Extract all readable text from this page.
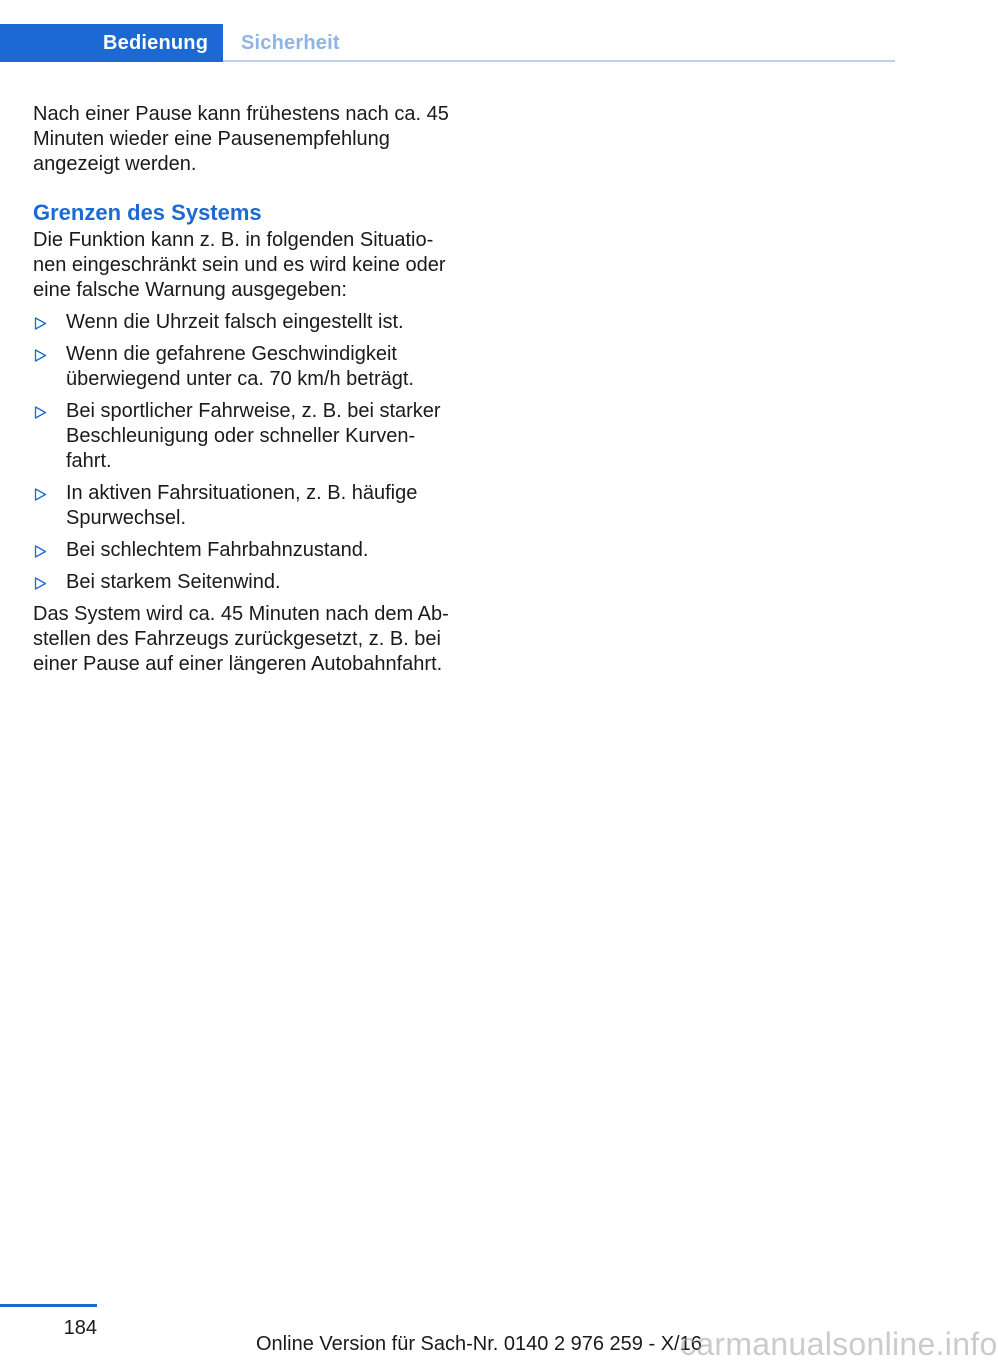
Bedienung	Sicherheit

Nach einer Pause kann frühestens nach ca. 45 Minuten wieder eine Pausenempfehlung angezeigt werden.

Grenzen des Systems

Die Funktion kann z. B. in folgenden Situationen eingeschränkt sein und es wird keine oder eine falsche Warnung ausgegeben:

Wenn die Uhrzeit falsch eingestellt ist.
Wenn die gefahrene Geschwindigkeit überwiegend unter ca. 70 km/h beträgt.
Bei sportlicher Fahrweise, z. B. bei starker Beschleunigung oder schneller Kurvenfahrt.
In aktiven Fahrsituationen, z. B. häufige Spurwechsel.
Bei schlechtem Fahrbahnzustand.
Bei starkem Seitenwind.

Das System wird ca. 45 Minuten nach dem Abstellen des Fahrzeugs zurückgesetzt, z. B. bei einer Pause auf einer längeren Autobahnfahrt.

184
Online Version für Sach-Nr. 0140 2 976 259 - X/16
carmanualsonline.info
